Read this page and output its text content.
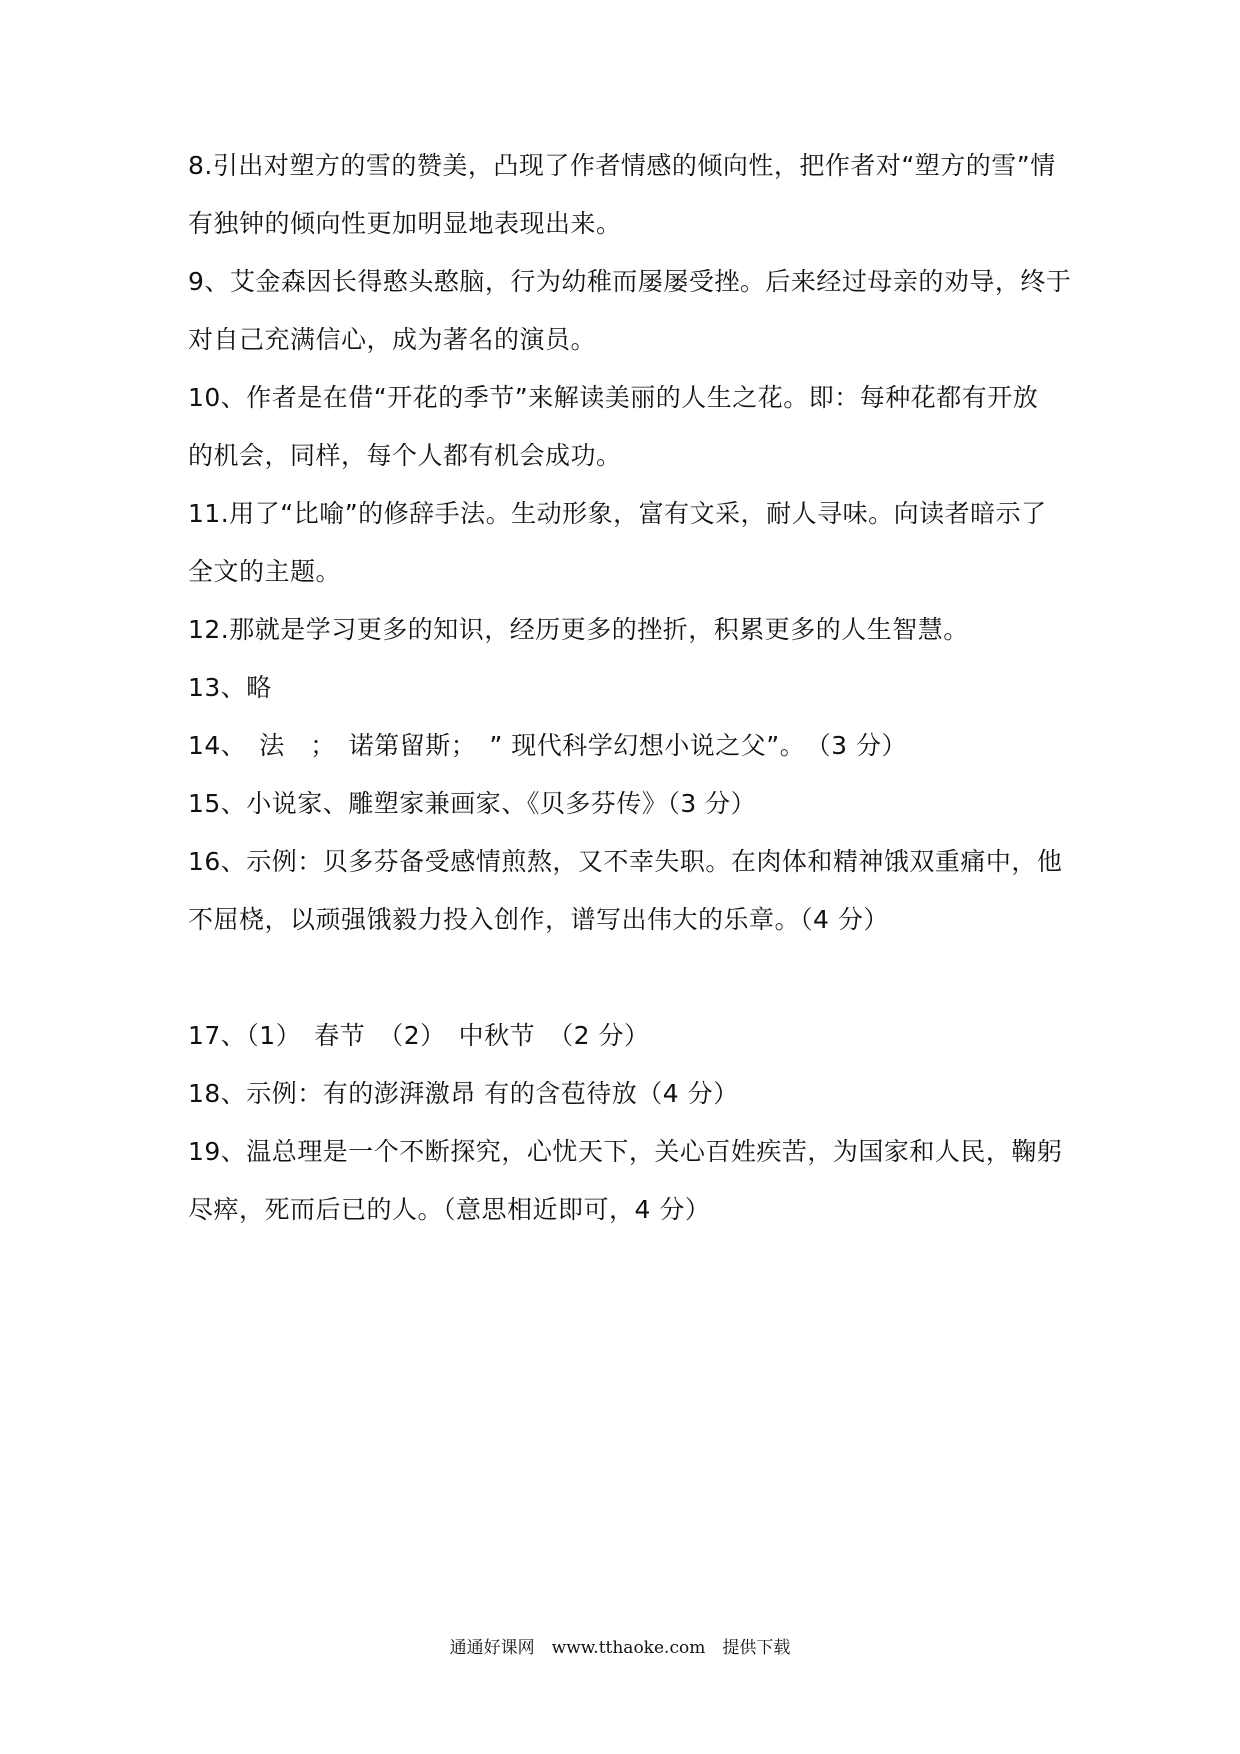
8.引出对塑方的雪的赞美，凸现了作者情感的倾向性，把作者对“塑方的雪”情
有独钟的倾向性更加明显地表现出来。
9、艾金森因长得憨头憨脑，行为幼稚而屡屡受挫。后来经过母亲的劝导，终于
对自己充满信心，成为著名的演员。
10、作者是在借“开花的季节”来解读美丽的人生之花。即：每种花都有开放
的机会，同样，每个人都有机会成功。
11.用了“比喻”的修辞手法。生动形象，富有文采，耐人寻味。向读者暗示了
全文的主题。
12.那就是学习更多的知识，经历更多的挫折，积累更多的人生智慧。
13、略
14、　法　；　诺第留斯；　” 现代科学幻想小说之父”。　（3 分）
15、小说家、雕塑家兼画家、《贝多芬传》（3 分）
16、示例：贝多芬备受感情煎熬，又不幸失职。在肉体和精神饿双重痛中，他
不屈桡，以顽强饿毅力投入创作，谱写出伟大的乐章。（4 分）
17、（1）　春节　（2）　中秋节　（2 分）
18、示例：有的澎湃激昂 有的含苞待放（4 分）
19、温总理是一个不断探究，心忧天下，关心百姓疾苦，为国家和人民，鞠躬
尽瘁，死而后已的人。（意思相近即可，4 分）
通通好课网　www.tthaoke.com　提供下载
